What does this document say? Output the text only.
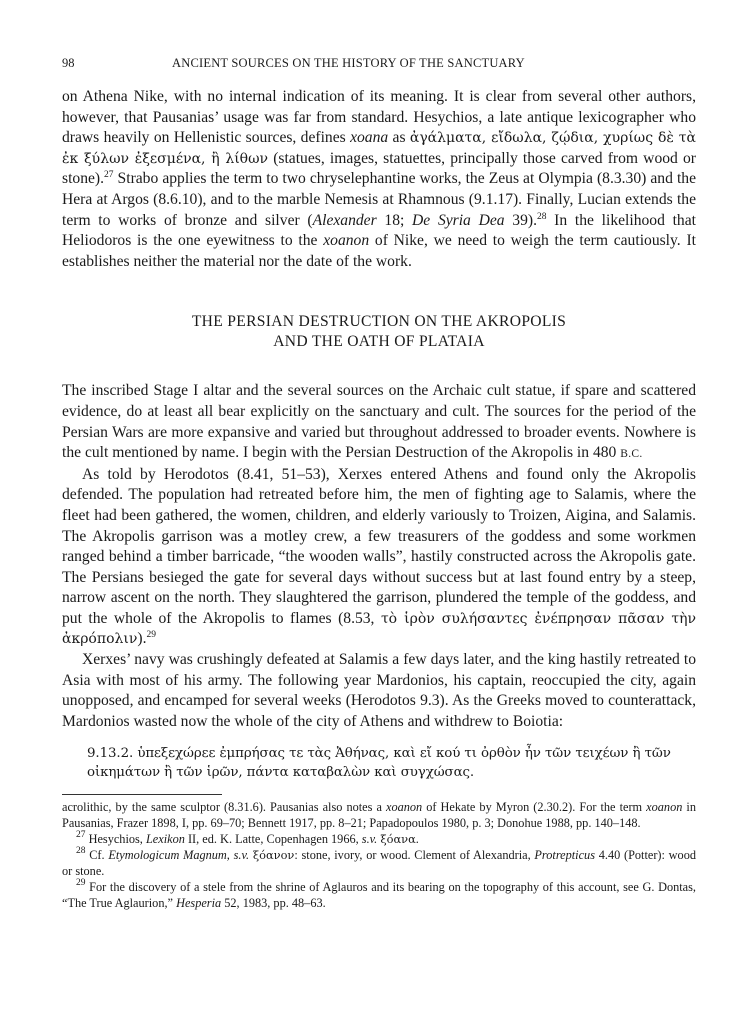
98	ANCIENT SOURCES ON THE HISTORY OF THE SANCTUARY

on Athena Nike, with no internal indication of its meaning. It is clear from several other authors, however, that Pausanias’ usage was far from standard. Hesychios, a late antique lexicographer who draws heavily on Hellenistic sources, defines xoana as ἀγάλματα, εἴδωλα, ζῴδια, χυρίως δὲ τὰ ἐκ ξύλων ἐξεσμένα, ἢ λίθων (statues, images, statuettes, principally those carved from wood or stone).$^{27}$ Strabo applies the term to two chryselephantine works, the Zeus at Olympia (8.3.30) and the Hera at Argos (8.6.10), and to the marble Nemesis at Rhamnous (9.1.17). Finally, Lucian extends the term to works of bronze and silver (Alexander 18; De Syria Dea 39).$^{28}$ In the likelihood that Heliodoros is the one eyewitness to the xoanon of Nike, we need to weigh the term cautiously. It establishes neither the material nor the date of the work.

THE PERSIAN DESTRUCTION ON THE AKROPOLIS
AND THE OATH OF PLATAIA

The inscribed Stage I altar and the several sources on the Archaic cult statue, if spare and scattered evidence, do at least all bear explicitly on the sanctuary and cult. The sources for the period of the Persian Wars are more expansive and varied but throughout addressed to broader events. Nowhere is the cult mentioned by name. I begin with the Persian Destruction of the Akropolis in 480 B.C.

As told by Herodotos (8.41, 51–53), Xerxes entered Athens and found only the Akropolis defended. The population had retreated before him, the men of fighting age to Salamis, where the fleet had been gathered, the women, children, and elderly variously to Troizen, Aigina, and Salamis. The Akropolis garrison was a motley crew, a few treasurers of the goddess and some workmen ranged behind a timber barricade, “the wooden walls”, hastily constructed across the Akropolis gate. The Persians besieged the gate for several days without success but at last found entry by a steep, narrow ascent on the north. They slaughtered the garrison, plundered the temple of the goddess, and put the whole of the Akropolis to flames (8.53, τὸ ἱρὸν συλήσαντες ἐνέπρησαν πᾶσαν τὴν ἀκρόπολιν).$^{29}$

Xerxes’ navy was crushingly defeated at Salamis a few days later, and the king hastily retreated to Asia with most of his army. The following year Mardonios, his captain, reoccupied the city, again unopposed, and encamped for several weeks (Herodotos 9.3). As the Greeks moved to counterattack, Mardonios wasted now the whole of the city of Athens and withdrew to Boiotia:

9.13.2. ὑπεξεχώρεε ἐμπρήσας τε τὰς Ἀθήνας, καὶ εἴ κού τι ὀρθὸν ἦν τῶν τειχέων ἢ τῶν οἰκημάτων ἢ τῶν ἱρῶν, πάντα καταβαλὼν καὶ συγχώσας.

acrolithic, by the same sculptor (8.31.6). Pausanias also notes a xoanon of Hekate by Myron (2.30.2). For the term xoanon in Pausanias, Frazer 1898, I, pp. 69–70; Bennett 1917, pp. 8–21; Papadopoulos 1980, p. 3; Donohue 1988, pp. 140–148.

$^{27}$ Hesychios, Lexikon II, ed. K. Latte, Copenhagen 1966, s.v. ξόανα.

$^{28}$ Cf. Etymologicum Magnum, s.v. ξόανον: stone, ivory, or wood. Clement of Alexandria, Protrepticus 4.40 (Potter): wood or stone.

$^{29}$ For the discovery of a stele from the shrine of Aglauros and its bearing on the topography of this account, see G. Dontas, “The True Aglaurion,” Hesperia 52, 1983, pp. 48–63.
